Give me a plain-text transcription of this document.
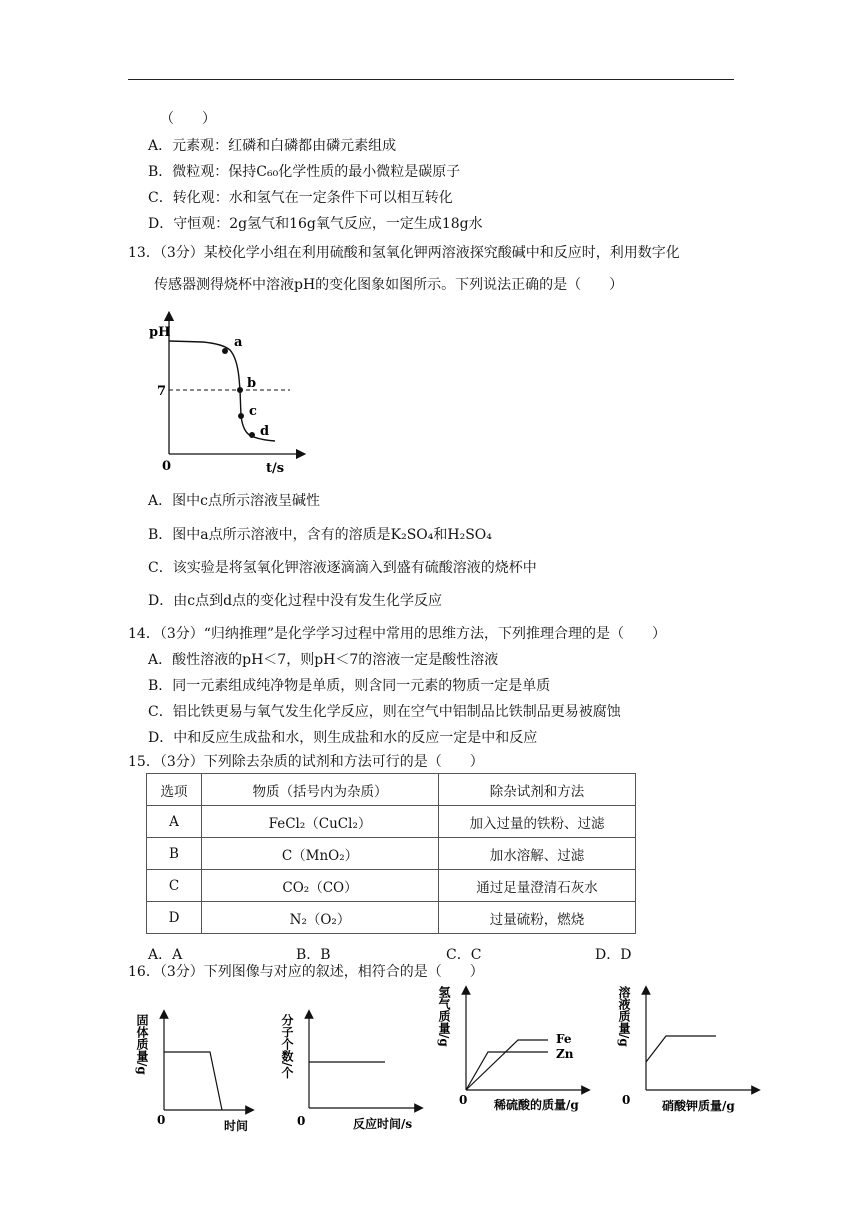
（　　）
A．元素观：红磷和白磷都由磷元素组成
B．微粒观：保持C₆₀化学性质的最小微粒是碳原子
C．转化观：水和氢气在一定条件下可以相互转化
D．守恒观：2g氢气和16g氧气反应，一定生成18g水
13．（3分）某校化学小组在利用硫酸和氢氧化钾两溶液探究酸碱中和反应时，利用数字化
传感器测得烧杯中溶液pH的变化图象如图所示。下列说法正确的是（　　）
pH
t/s
0
7
a
b
c
d
A．图中c点所示溶液呈碱性
B．图中a点所示溶液中，含有的溶质是K₂SO₄和H₂SO₄
C．该实验是将氢氧化钾溶液逐滴滴入到盛有硫酸溶液的烧杯中
D．由c点到d点的变化过程中没有发生化学反应
14．（3分）“归纳推理”是化学学习过程中常用的思维方法，下列推理合理的是（　　）
A．酸性溶液的pH＜7，则pH＜7的溶液一定是酸性溶液
B．同一元素组成纯净物是单质，则含同一元素的物质一定是单质
C．铝比铁更易与氧气发生化学反应，则在空气中铝制品比铁制品更易被腐蚀
D．中和反应生成盐和水，则生成盐和水的反应一定是中和反应
15．（3分）下列除去杂质的试剂和方法可行的是（　　）
选项	物质（括号内为杂质）	除杂试剂和方法
A	FeCl₂（CuCl₂）	加入过量的铁粉、过滤
B	C（MnO₂）	加水溶解、过滤
C	CO₂（CO）	通过足量澄清石灰水
D	N₂（O₂）	过量硫粉，燃烧
A．A	B．B	C．C	D．D
16．（3分）下列图像与对应的叙述，相符合的是（　　）
固体质量/g
0	时间
分子个数/个
0	反应时间/s
Fe
Zn
氢气质量/g
0 稀硫酸的质量/g
溶液质量/g
0	硝酸钾质量/g
